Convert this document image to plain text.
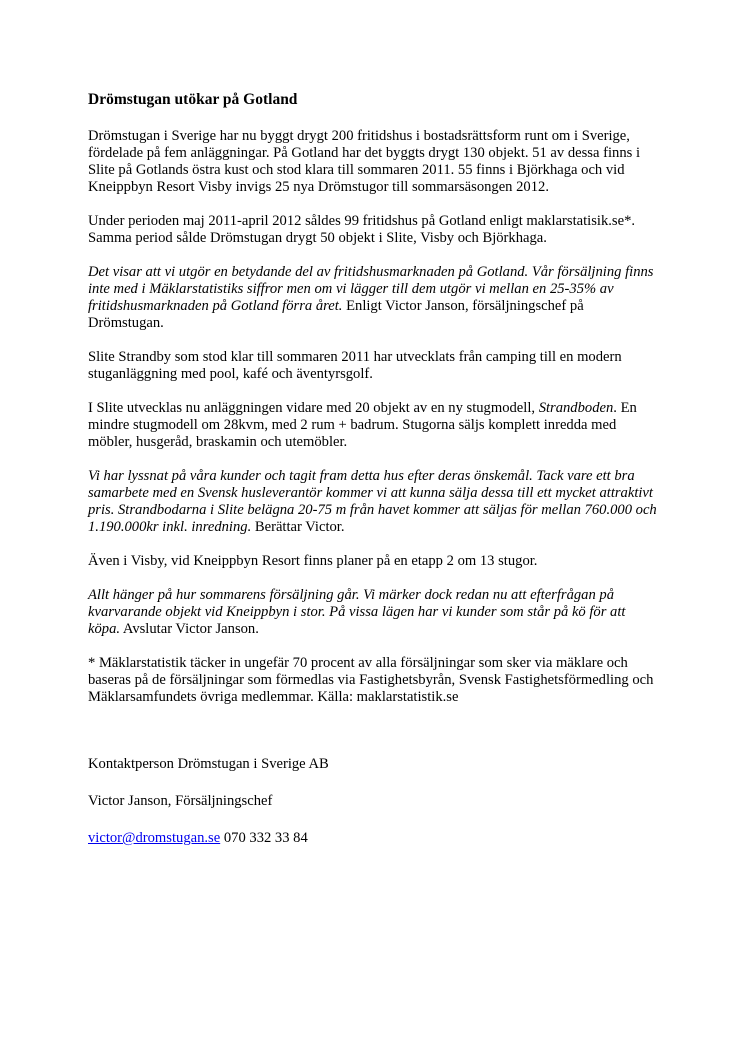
Drömstugan utökar på Gotland

Drömstugan i Sverige har nu byggt drygt 200 fritidshus i bostadsrättsform runt om i Sverige, fördelade på fem anläggningar. På Gotland har det byggts drygt 130 objekt. 51 av dessa finns i Slite på Gotlands östra kust och stod klara till sommaren 2011. 55 finns i Björkhaga och vid Kneippbyn Resort Visby invigs 25 nya Drömstugor till sommarsäsongen 2012.

Under perioden maj 2011-april 2012 såldes 99 fritidshus på Gotland enligt maklarstatisik.se*. Samma period sålde Drömstugan drygt 50 objekt i Slite, Visby och Björkhaga.

Det visar att vi utgör en betydande del av fritidshusmarknaden på Gotland. Vår försäljning finns inte med i Mäklarstatistiks siffror men om vi lägger till dem utgör vi mellan en 25-35% av fritidshusmarknaden på Gotland förra året. Enligt Victor Janson, försäljningschef på Drömstugan.

Slite Strandby som stod klar till sommaren 2011 har utvecklats från camping till en modern stuganläggning med pool, kafé och äventyrsgolf.

I Slite utvecklas nu anläggningen vidare med 20 objekt av en ny stugmodell, Strandboden. En mindre stugmodell om 28kvm, med 2 rum + badrum. Stugorna säljs komplett inredda med möbler, husgeråd, braskamin och utemöbler.

Vi har lyssnat på våra kunder och tagit fram detta hus efter deras önskemål. Tack vare ett bra samarbete med en Svensk husleverantör kommer vi att kunna sälja dessa till ett mycket attraktivt pris. Strandbodarna i Slite belägna 20-75 m från havet kommer att säljas för mellan 760.000 och 1.190.000kr inkl. inredning. Berättar Victor.

Även i Visby, vid Kneippbyn Resort finns planer på en etapp 2 om 13 stugor.

Allt hänger på hur sommarens försäljning går. Vi märker dock redan nu att efterfrågan på kvarvarande objekt vid Kneippbyn i stor. På vissa lägen har vi kunder som står på kö för att köpa. Avslutar Victor Janson.

* Mäklarstatistik täcker in ungefär 70 procent av alla försäljningar som sker via mäklare och baseras på de försäljningar som förmedlas via Fastighetsbyrån, Svensk Fastighetsförmedling och Mäklarsamfundets övriga medlemmar. Källa: maklarstatistik.se

Kontaktperson Drömstugan i Sverige AB

Victor Janson, Försäljningschef

victor@dromstugan.se 070 332 33 84
